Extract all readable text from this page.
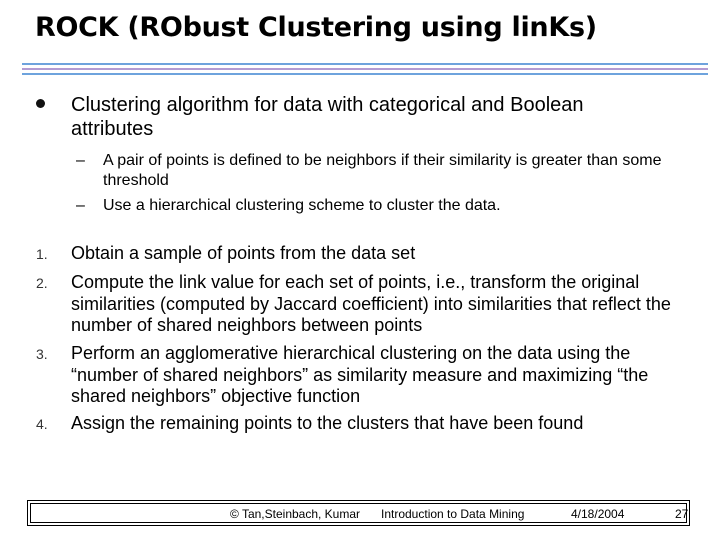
ROCK (RObust Clustering using linKs)
Clustering algorithm for data with categorical and Boolean attributes
– A pair of points is defined to be neighbors if their similarity is greater than some threshold
– Use a hierarchical clustering scheme to cluster the data.
1. Obtain a sample of points from the data set
2. Compute the link value for each set of points, i.e., transform the original similarities (computed by Jaccard coefficient) into similarities that reflect the number of shared neighbors between points
3. Perform an agglomerative hierarchical clustering on the data using the “number of shared neighbors” as similarity measure and maximizing “the shared neighbors” objective function
4. Assign the remaining points to the clusters that have been found
© Tan,Steinbach, Kumar Introduction to Data Mining	4/18/2004	27
